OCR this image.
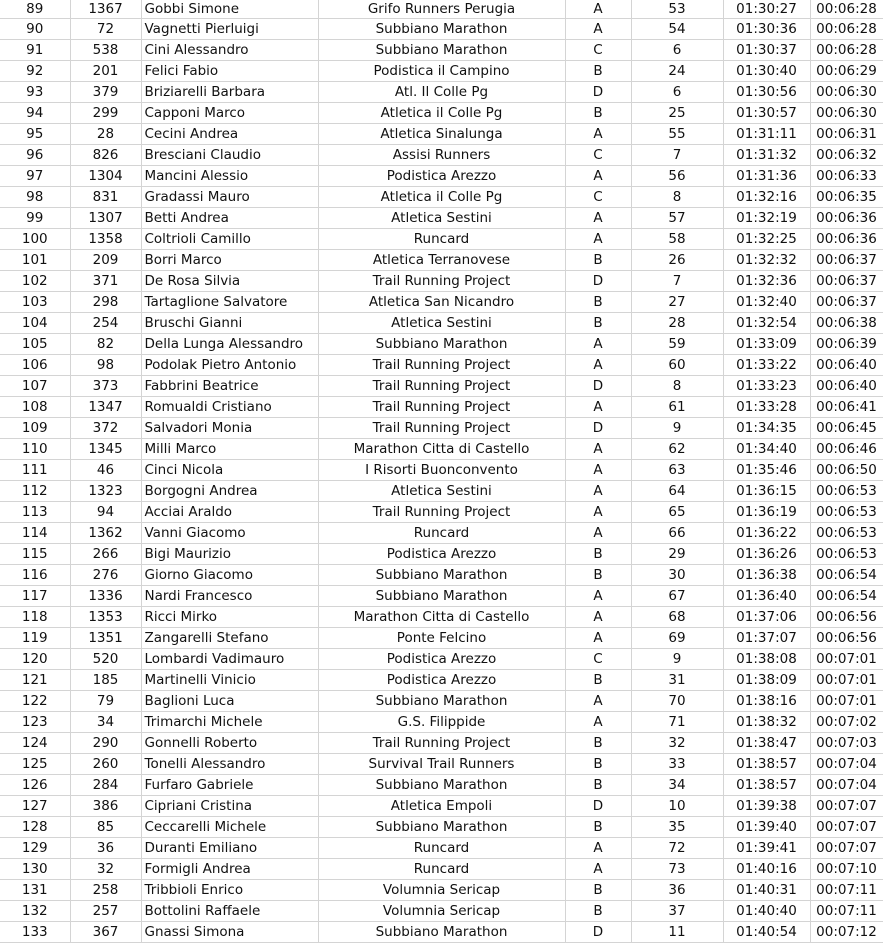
89	1367	Gobbi Simone	Grifo Runners Perugia	A	53	01:30:27	00:06:28
90	72	Vagnetti Pierluigi	Subbiano Marathon	A	54	01:30:36	00:06:28
91	538	Cini Alessandro	Subbiano Marathon	C	6	01:30:37	00:06:28
92	201	Felici Fabio	Podistica il Campino	B	24	01:30:40	00:06:29
93	379	Briziarelli Barbara	Atl. Il Colle Pg	D	6	01:30:56	00:06:30
94	299	Capponi Marco	Atletica il Colle Pg	B	25	01:30:57	00:06:30
95	28	Cecini Andrea	Atletica Sinalunga	A	55	01:31:11	00:06:31
96	826	Bresciani Claudio	Assisi Runners	C	7	01:31:32	00:06:32
97	1304	Mancini Alessio	Podistica Arezzo	A	56	01:31:36	00:06:33
98	831	Gradassi Mauro	Atletica il Colle Pg	C	8	01:32:16	00:06:35
99	1307	Betti Andrea	Atletica Sestini	A	57	01:32:19	00:06:36
100	1358	Coltrioli Camillo	Runcard	A	58	01:32:25	00:06:36
101	209	Borri Marco	Atletica Terranovese	B	26	01:32:32	00:06:37
102	371	De Rosa Silvia	Trail Running Project	D	7	01:32:36	00:06:37
103	298	Tartaglione Salvatore	Atletica San Nicandro	B	27	01:32:40	00:06:37
104	254	Bruschi Gianni	Atletica Sestini	B	28	01:32:54	00:06:38
105	82	Della Lunga Alessandro	Subbiano Marathon	A	59	01:33:09	00:06:39
106	98	Podolak Pietro Antonio	Trail Running Project	A	60	01:33:22	00:06:40
107	373	Fabbrini Beatrice	Trail Running Project	D	8	01:33:23	00:06:40
108	1347	Romualdi Cristiano	Trail Running Project	A	61	01:33:28	00:06:41
109	372	Salvadori Monia	Trail Running Project	D	9	01:34:35	00:06:45
110	1345	Milli Marco	Marathon Citta di Castello	A	62	01:34:40	00:06:46
111	46	Cinci Nicola	I Risorti Buonconvento	A	63	01:35:46	00:06:50
112	1323	Borgogni Andrea	Atletica Sestini	A	64	01:36:15	00:06:53
113	94	Acciai Araldo	Trail Running Project	A	65	01:36:19	00:06:53
114	1362	Vanni Giacomo	Runcard	A	66	01:36:22	00:06:53
115	266	Bigi Maurizio	Podistica Arezzo	B	29	01:36:26	00:06:53
116	276	Giorno Giacomo	Subbiano Marathon	B	30	01:36:38	00:06:54
117	1336	Nardi Francesco	Subbiano Marathon	A	67	01:36:40	00:06:54
118	1353	Ricci Mirko	Marathon Citta di Castello	A	68	01:37:06	00:06:56
119	1351	Zangarelli Stefano	Ponte Felcino	A	69	01:37:07	00:06:56
120	520	Lombardi Vadimauro	Podistica Arezzo	C	9	01:38:08	00:07:01
121	185	Martinelli Vinicio	Podistica Arezzo	B	31	01:38:09	00:07:01
122	79	Baglioni Luca	Subbiano Marathon	A	70	01:38:16	00:07:01
123	34	Trimarchi Michele	G.S. Filippide	A	71	01:38:32	00:07:02
124	290	Gonnelli Roberto	Trail Running Project	B	32	01:38:47	00:07:03
125	260	Tonelli Alessandro	Survival Trail Runners	B	33	01:38:57	00:07:04
126	284	Furfaro Gabriele	Subbiano Marathon	B	34	01:38:57	00:07:04
127	386	Cipriani Cristina	Atletica Empoli	D	10	01:39:38	00:07:07
128	85	Ceccarelli Michele	Subbiano Marathon	B	35	01:39:40	00:07:07
129	36	Duranti Emiliano	Runcard	A	72	01:39:41	00:07:07
130	32	Formigli Andrea	Runcard	A	73	01:40:16	00:07:10
131	258	Tribbioli Enrico	Volumnia Sericap	B	36	01:40:31	00:07:11
132	257	Bottolini Raffaele	Volumnia Sericap	B	37	01:40:40	00:07:11
133	367	Gnassi Simona	Subbiano Marathon	D	11	01:40:54	00:07:12
